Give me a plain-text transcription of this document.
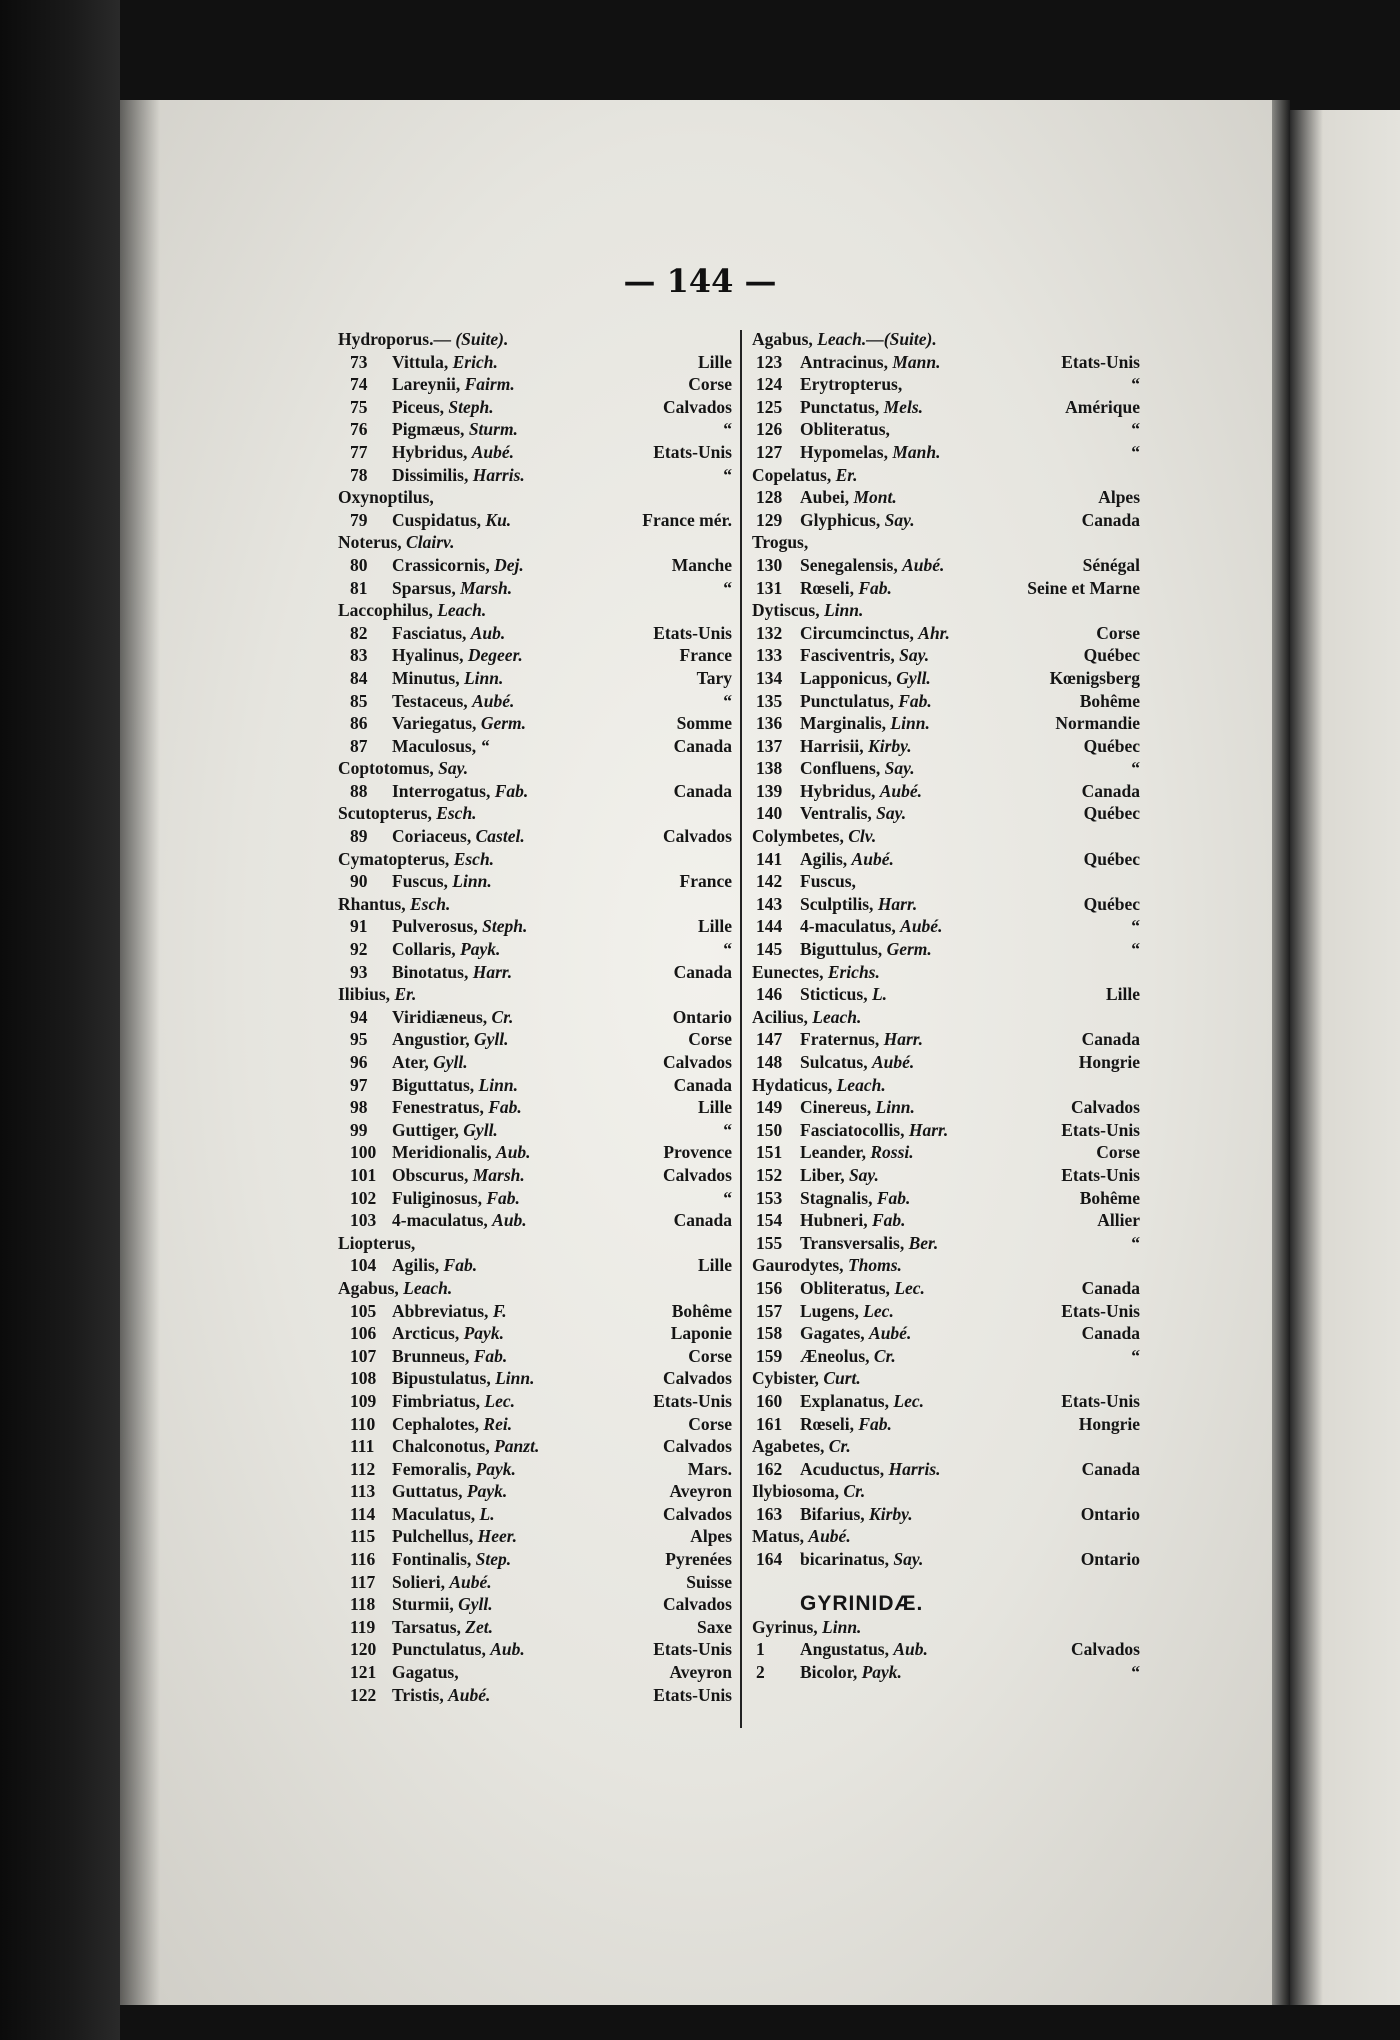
— 144 —
Hydroporus.— (Suite).
73	Vittula, Erich.	Lille
74	Lareynii, Fairm.	Corse
75	Piceus, Steph.	Calvados
76	Pigmæus, Sturm.	“
77	Hybridus, Aubé.	Etats-Unis
78	Dissimilis, Harris.	“
Oxynoptilus,
79	Cuspidatus, Ku.	France mér.
Noterus, Clairv.
80	Crassicornis, Dej.	Manche
81	Sparsus, Marsh.	“
Laccophilus, Leach.
82	Fasciatus, Aub.	Etats-Unis
83	Hyalinus, Degeer.	France
84	Minutus, Linn.	Tary
85	Testaceus, Aubé.	“
86	Variegatus, Germ.	Somme
87	Maculosus, “	Canada
Coptotomus, Say.
88	Interrogatus, Fab.	Canada
Scutopterus, Esch.
89	Coriaceus, Castel.	Calvados
Cymatopterus, Esch.
90	Fuscus, Linn.	France
Rhantus, Esch.
91	Pulverosus, Steph.	Lille
92	Collaris, Payk.	“
93	Binotatus, Harr.	Canada
Ilibius, Er.
94	Viridiæneus, Cr.	Ontario
95	Angustior, Gyll.	Corse
96	Ater, Gyll.	Calvados
97	Biguttatus, Linn.	Canada
98	Fenestratus, Fab.	Lille
99	Guttiger, Gyll.	“
100 Meridionalis, Aub.	Provence
101 Obscurus, Marsh.	Calvados
102 Fuliginosus, Fab.	“
103 4-maculatus, Aub.	Canada
Liopterus,
104 Agilis, Fab.	Lille
Agabus, Leach.
105 Abbreviatus, F.	Bohême
106 Arcticus, Payk.	Laponie
107 Brunneus, Fab.	Corse
108 Bipustulatus, Linn.	Calvados
109 Fimbriatus, Lec.	Etats-Unis
110 Cephalotes, Rei.	Corse
111	Chalconotus, Panzt.	Calvados
112 Femoralis, Payk.	Mars.
113 Guttatus, Payk.	Aveyron
114 Maculatus, L.	Calvados
115 Pulchellus, Heer.	Alpes
116 Fontinalis, Step.	Pyrenées
117 Solieri, Aubé.	Suisse
118 Sturmii, Gyll.	Calvados
119 Tarsatus, Zet.	Saxe
120 Punctulatus, Aub.	Etats-Unis
121 Gagatus,	Aveyron
122 Tristis, Aubé.	Etats-Unis
Agabus, Leach.—(Suite).
123	Antracinus, Mann.	Etats-Unis
124	Erytropterus,	“
125	Punctatus, Mels.	Amérique
126	Obliteratus,	“
127	Hypomelas, Manh.	“
Copelatus, Er.
128	Aubei, Mont.	Alpes
129	Glyphicus, Say.	Canada
Trogus,
130	Senegalensis, Aubé.	Sénégal
131	Rœseli, Fab.	Seine et Marne
Dytiscus, Linn.
132	Circumcinctus, Ahr.	Corse
133	Fasciventris, Say.	Québec
134	Lapponicus, Gyll.	Kœnigsberg
135	Punctulatus, Fab.	Bohême
136	Marginalis, Linn.	Normandie
137	Harrisii, Kirby.	Québec
138	Confluens, Say.	“
139	Hybridus, Aubé.	Canada
140	Ventralis, Say.	Québec
Colymbetes, Clv.
141	Agilis, Aubé.	Québec
142	Fuscus,
143	Sculptilis, Harr.	Québec
144	4-maculatus, Aubé.	“
145	Biguttulus, Germ.	“
Eunectes, Erichs.
146	Sticticus, L.	Lille
Acilius, Leach.
147	Fraternus, Harr.	Canada
148	Sulcatus, Aubé.	Hongrie
Hydaticus, Leach.
149	Cinereus, Linn.	Calvados
150	Fasciatocollis, Harr.	Etats-Unis
151	Leander, Rossi.	Corse
152	Liber, Say.	Etats-Unis
153	Stagnalis, Fab.	Bohême
154	Hubneri, Fab.	Allier
155	Transversalis, Ber.	“
Gaurodytes, Thoms.
156	Obliteratus, Lec.	Canada
157	Lugens, Lec.	Etats-Unis
158	Gagates, Aubé.	Canada
159	Æneolus, Cr.	“
Cybister, Curt.
160	Explanatus, Lec.	Etats-Unis
161	Rœseli, Fab.	Hongrie
Agabetes, Cr.
162	Acuductus, Harris.	Canada
Ilybiosoma, Cr.
163	Bifarius, Kirby.	Ontario
Matus, Aubé.
164	bicarinatus, Say.	Ontario
GYRINIDÆ.
Gyrinus, Linn.
1	Angustatus, Aub.	Calvados
2	Bicolor, Payk.	“
